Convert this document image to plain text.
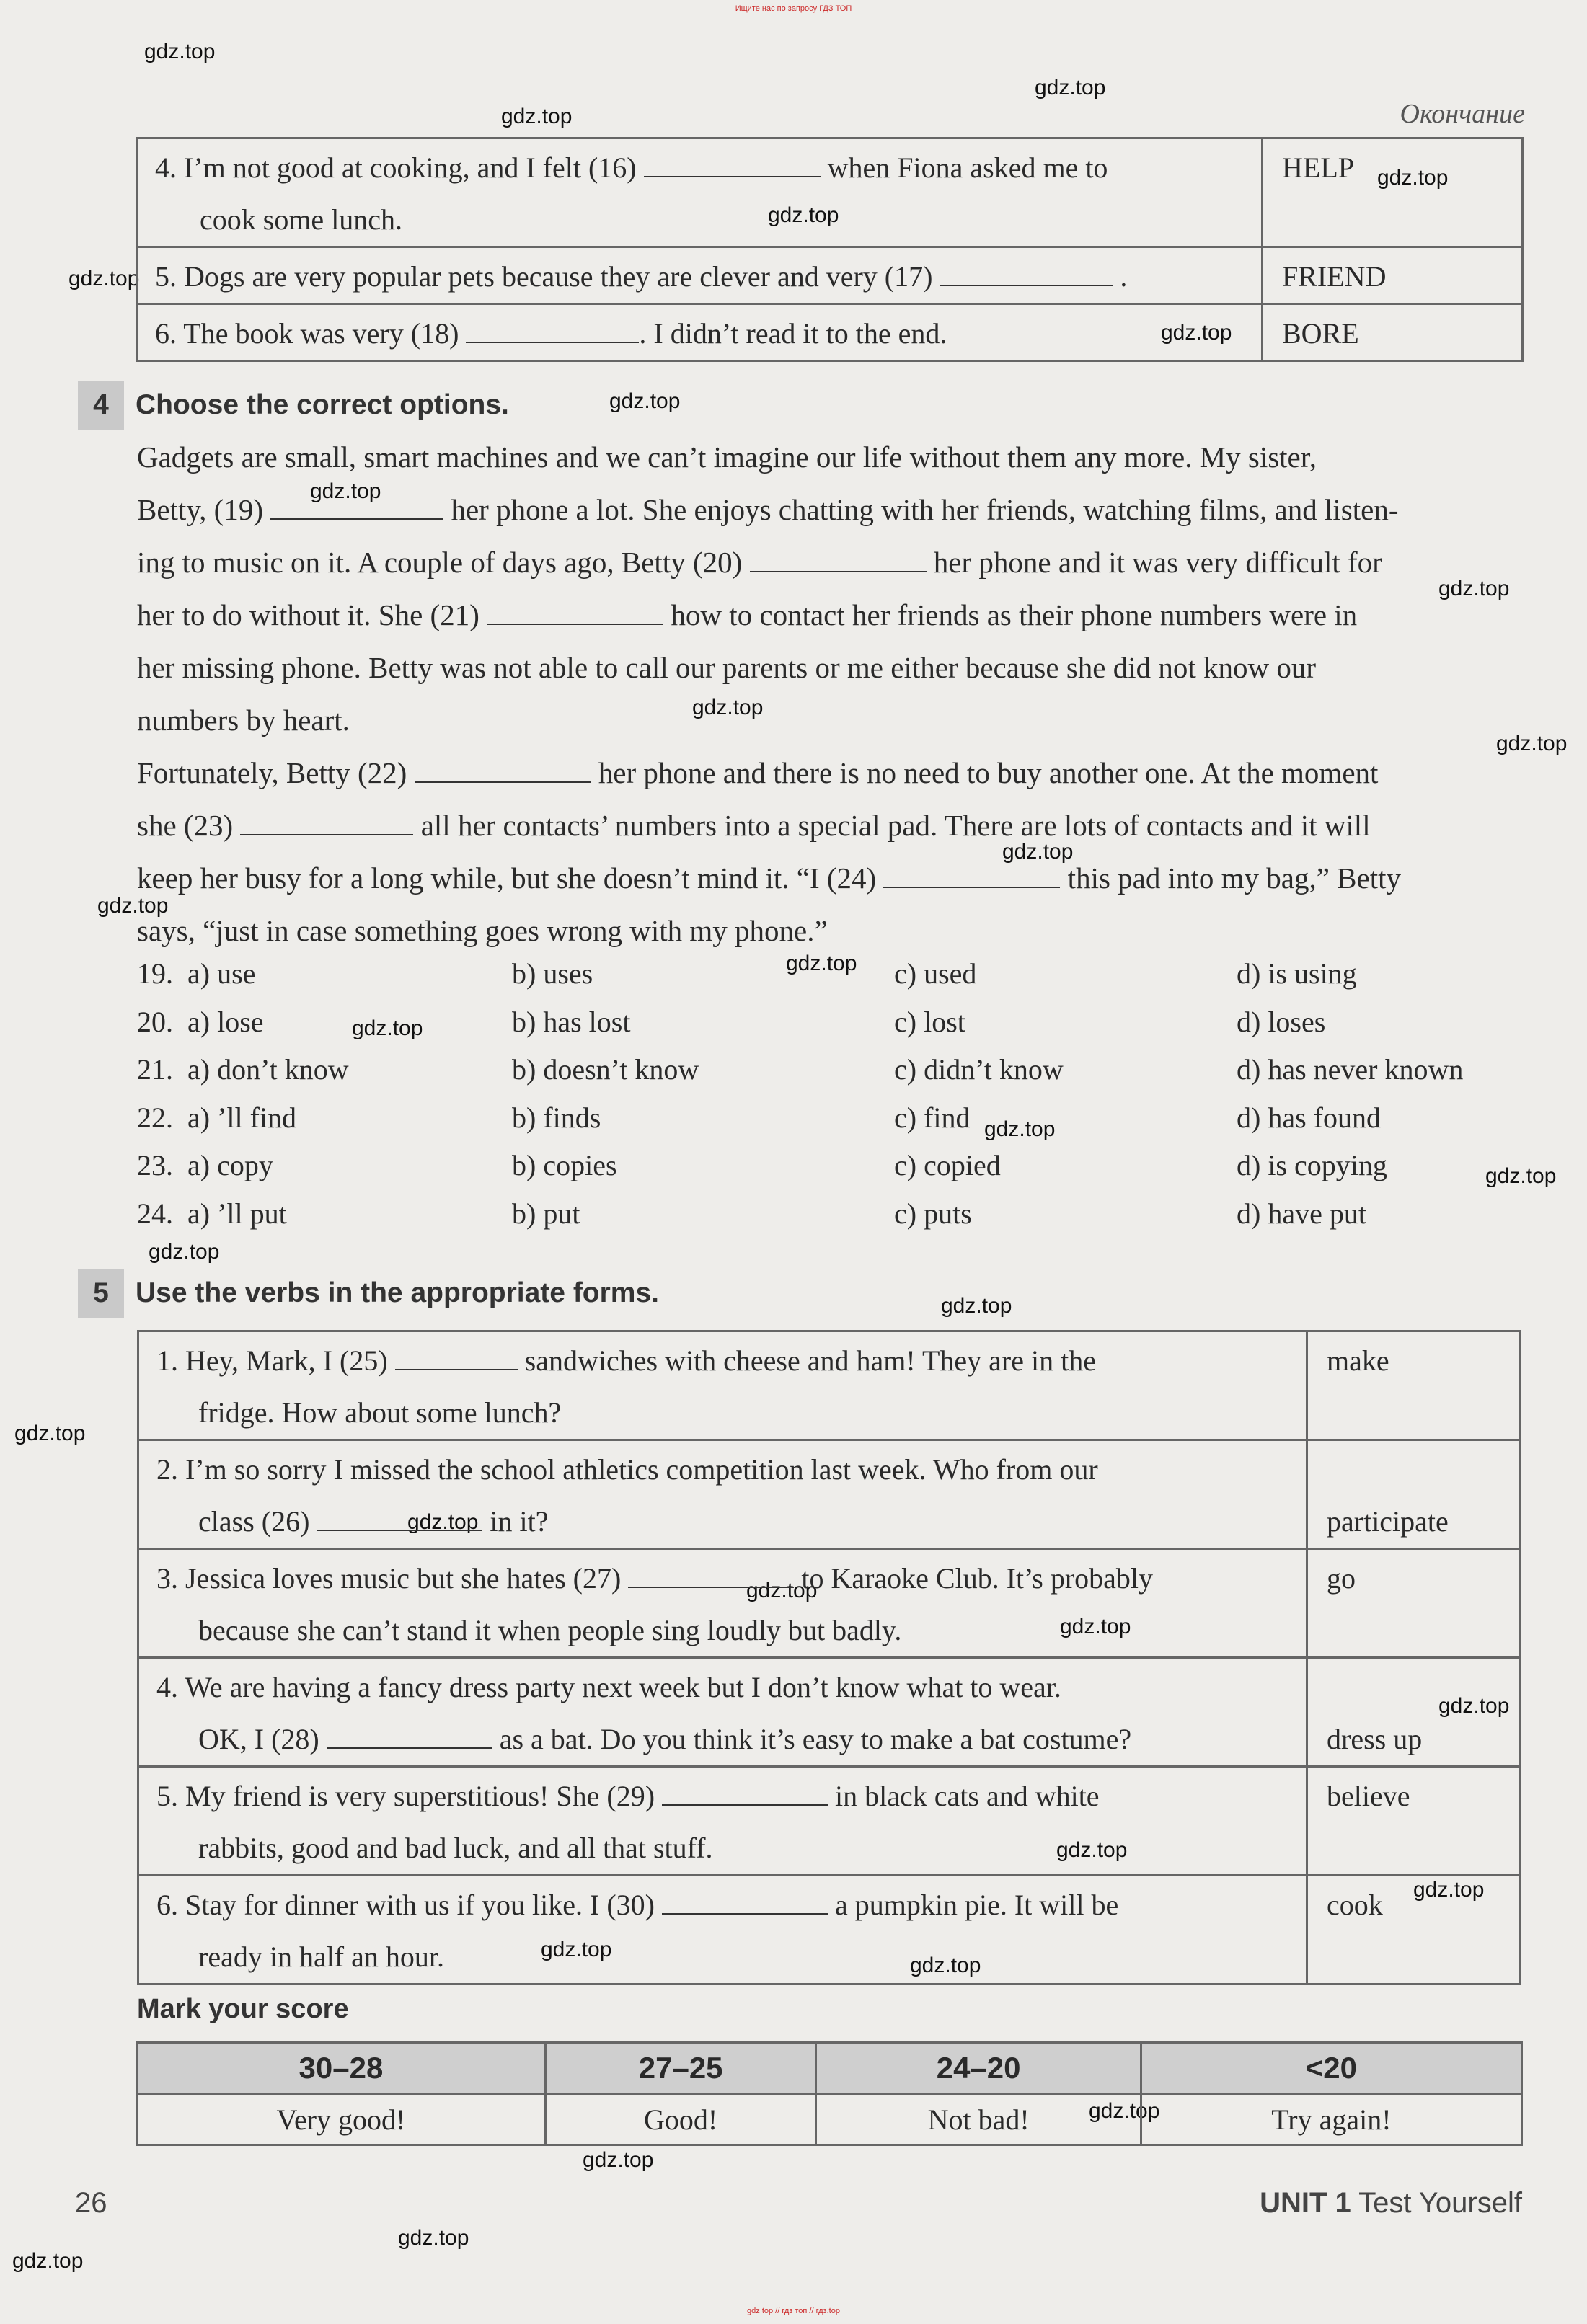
Ищите нас по запросу ГДЗ ТОП
gdz top // гдз топ // гдз.top
gdz.top
gdz.top
gdz.top
gdz.top
gdz.top
gdz.top
gdz.top
gdz.top
gdz.top
gdz.top
gdz.top
gdz.top
gdz.top
gdz.top
gdz.top
gdz.top
gdz.top
gdz.top
gdz.top
gdz.top
gdz.top
gdz.top
gdz.top
gdz.top
gdz.top
gdz.top
gdz.top
gdz.top
gdz.top
gdz.top
gdz.top
gdz.top
gdz.top
Окончание
4. I’m not good at cooking, and I felt (16) when Fiona asked me to
cook some lunch.	HELP
5. Dogs are very popular pets because they are clever and very (17) .	FRIEND
6. The book was very (18) . I didn’t read it to the end.	BORE
4 Choose the correct options.

Gadgets are small, smart machines and we can’t imagine our life without them any more. My sister,

Betty, (19)	her phone a lot. She enjoys chatting with her friends, watching films, and listen-

ing to music on it. A couple of days ago, Betty (20)	her phone and it was very difficult for

her to do without it. She (21)	how to contact her friends as their phone numbers were in

her missing phone. Betty was not able to call our parents or me either because she did not know our

numbers by heart.

Fortunately, Betty (22)	her phone and there is no need to buy another one. At the moment

she (23)	all her contacts’ numbers into a special pad. There are lots of contacts and it will

keep her busy for a long while, but she doesn’t mind it. “I (24)	this pad into my bag,” Betty

says, “just in case something goes wrong with my phone.”

19. a) use	b) uses	c) used	d) is using
20. a) lose	b) has lost	c) lost	d) loses
21. a) don’t know	b) doesn’t know	c) didn’t know	d) has never known
22. a) ’ll find	b) finds	c) find	d) has found
23. a) copy	b) copies	c) copied	d) is copying
24. a) ’ll put	b) put	c) puts	d) have put
5 Use the verbs in the appropriate forms.
1. Hey, Mark, I (25) sandwiches with cheese and ham! They are in the
fridge. How about some lunch?	make

2. I’m so sorry I missed the school athletics competition last week. Who from our
class (26) in it?	participate
3. Jessica loves music but she hates (27) to Karaoke Club. It’s probably
because she can’t stand it when people sing loudly but badly.	go

4. We are having a fancy dress party next week but I don’t know what to wear.
OK, I (28) as a bat. Do you think it’s easy to make a bat costume?	dress up
5. My friend is very superstitious! She (29) in black cats and white
rabbits, good and bad luck, and all that stuff.	believe

6. Stay for dinner with us if you like. I (30) a pumpkin pie. It will be
ready in half an hour.	cook

Mark your score
30–28	27–25	24–20	<20
Very good!	Good!	Not bad!	Try again!
26	UNIT 1 Test Yourself
